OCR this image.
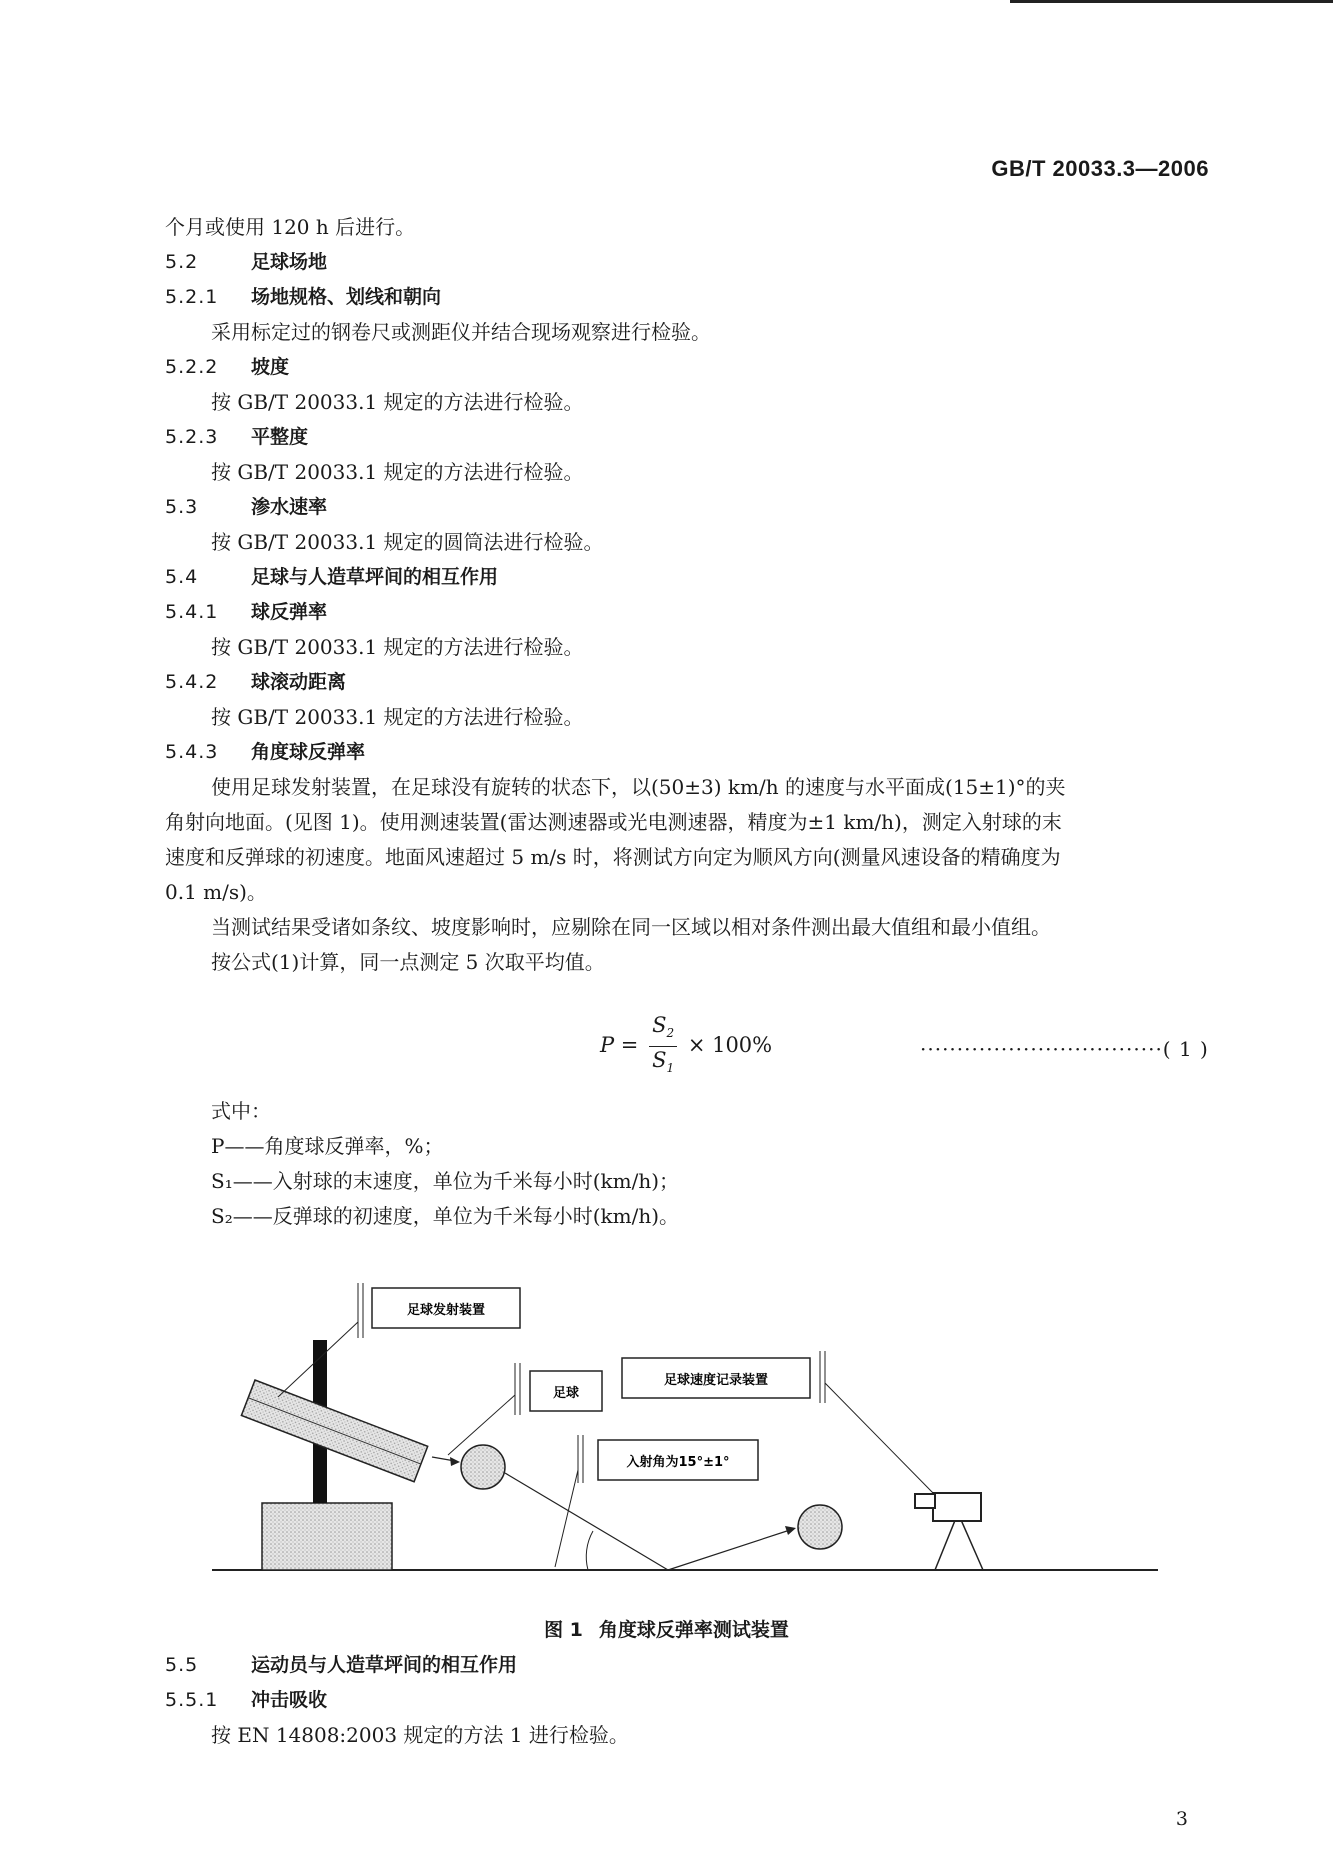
GB/T 20033.3—2006
个月或使用 120 h 后进行。
5.2	足球场地
5.2.1 场地规格、划线和朝向
采用标定过的钢卷尺或测距仪并结合现场观察进行检验。
5.2.2 坡度
按 GB/T 20033.1 规定的方法进行检验。
5.2.3 平整度
按 GB/T 20033.1 规定的方法进行检验。
5.3	渗水速率
按 GB/T 20033.1 规定的圆筒法进行检验。
5.4	足球与人造草坪间的相互作用
5.4.1 球反弹率
按 GB/T 20033.1 规定的方法进行检验。
5.4.2 球滚动距离
按 GB/T 20033.1 规定的方法进行检验。
5.4.3 角度球反弹率
使用足球发射装置，在足球没有旋转的状态下，以(50±3) km/h 的速度与水平面成(15±1)°的夹
角射向地面。(见图 1)。使用测速装置(雷达测速器或光电测速器，精度为±1 km/h)，测定入射球的末
速度和反弹球的初速度。地面风速超过 5 m/s 时，将测试方向定为顺风方向(测量风速设备的精确度为
0.1 m/s)。
当测试结果受诸如条纹、坡度影响时，应剔除在同一区域以相对条件测出最大值组和最小值组。
按公式(1)计算，同一点测定 5 次取平均值。
$P = \frac{S_2}{S_1} \times 100\%$	·································( 1 )
式中：
P——角度球反弹率，%；
S₁——入射球的末速度，单位为千米每小时(km/h)；
S₂——反弹球的初速度，单位为千米每小时(km/h)。
足球发射装置
足球
足球速度记录装置
入射角为15°±1°
图 1 角度球反弹率测试装置
5.5	运动员与人造草坪间的相互作用
5.5.1 冲击吸收
按 EN 14808:2003 规定的方法 1 进行检验。
3
